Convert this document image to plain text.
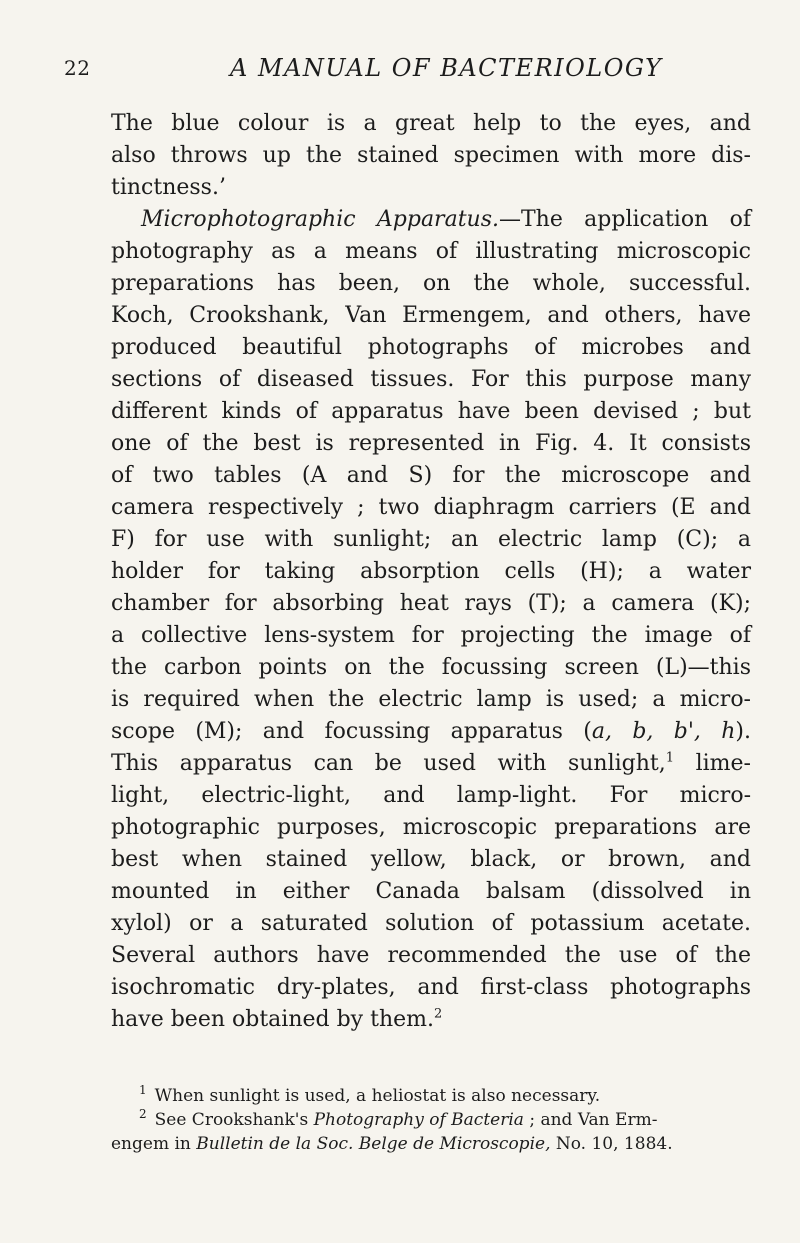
22	A MANUAL OF BACTERIOLOGY
The blue colour is a great help to the eyes, and
also throws up the stained specimen with more dis-
tinctness.’
Microphotographic Apparatus.—The application of
photography as a means of illustrating microscopic
preparations has been, on the whole, successful.
Koch, Crookshank, Van Ermengem, and others, have
produced beautiful photographs of microbes and
sections of diseased tissues. For this purpose many
different kinds of apparatus have been devised ; but
one of the best is represented in Fig. 4. It consists
of two tables (A and S) for the microscope and
camera respectively ; two diaphragm carriers (E and
F) for use with sunlight; an electric lamp (C); a
holder for taking absorption cells (H); a water
chamber for absorbing heat rays (T); a camera (K);
a collective lens-system for projecting the image of
the carbon points on the focussing screen (L)—this
is required when the electric lamp is used; a micro-
scope (M); and focussing apparatus (a, b, b', h).
This apparatus can be used with sunlight,$^1$ lime-
light, electric-light, and lamp-light. For micro-
photographic purposes, microscopic preparations are
best when stained yellow, black, or brown, and
mounted in either Canada balsam (dissolved in
xylol) or a saturated solution of potassium acetate.
Several authors have recommended the use of the
isochromatic dry-plates, and first-class photographs
have been obtained by them.$^2$
$^1$ When sunlight is used, a heliostat is also necessary.
$^2$ See Crookshank's Photography of Bacteria ; and Van Erm-
engem in Bulletin de la Soc. Belge de Microscopie, No. 10, 1884.
